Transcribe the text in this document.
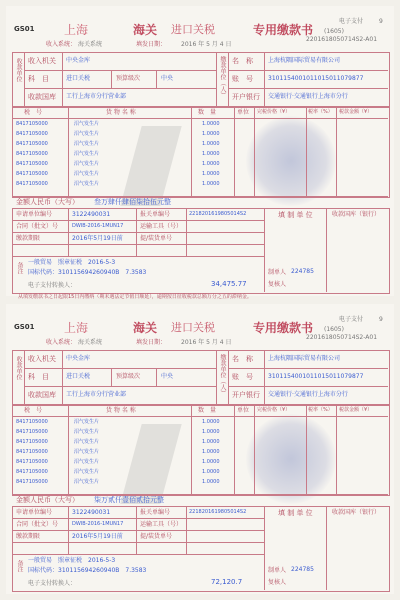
GS01 上海	海关 进口关税	专用缴款书
电子支付	9
(1605)
2201618050714S2-A01
收入系统： 海关系统	填发日期： 2016 年 5 月 4 日
收款单位	缴款单位（人）
收入机关 中央金库
科　目	进口关税	预算级次	中央
收款国库 工行上海市分行营业部
名　称	上海杭隅国际贸易有限公司
账　号	3101154001011015011079877
开户银行 交通银行·交通银行上海市分行
税　号	货 物 名 称	数　量	单位 完税价格（¥）	税率（%） 税款金额（¥）
8417105000	沼气发生片	1.0000
8417105000	沼气发生片	1.0000
8417105000	沼气发生片	1.0000
8417105000	沼气发生片	1.0000
8417105000	沼气发生片	1.0000
8417105000	沼气发生片	1.0000
8417105000	沼气发生片	1.0000
金额人民币（大写） 叁万肆仟肆佰柒拾伍元整
申请单位编号	3122490031	报关单编号	2218201619805014S2
合同（批文）号	DWIB-2016-1MUN17	运输工具（号）
缴款期限	2016年5月19日前	提/装货单号
备注 一般贸易　照章征税　2016-5-3
国标代码：310115694260940B　7.3583
电子支付转换人：	34,475.77
填 制 单 位	收款国库（银行）
制单人 224785
复核人
GS01 上海	海关 进口关税	专用缴款书
电子支付	9
(1605)
2201618050714S2-A01
收入系统： 海关系统	填发日期： 2016 年 5 月 4 日
收款单位	缴款单位（人）
收入机关 中央金库
科　目	进口关税	预算级次	中央
收款国库 工行上海市分行营业部
名　称	上海杭隅国际贸易有限公司
账　号	3101154001011015011079877
开户银行 交通银行·交通银行上海市分行
税　号	货 物 名 称	数　量	单位 完税价格（¥）	税率（%） 税款金额（¥）
8417105000	沼气发生片	1.0000
8417105000	沼气发生片	1.0000
8417105000	沼气发生片	1.0000
8417105000	沼气发生片	1.0000
8417105000	沼气发生片	1.0000
8417105000	沼气发生片	1.0000
8417105000	沼气发生片	1.0000
金额人民币（大写） 柒万贰仟壹佰贰拾元整
申请单位编号	3122490031	报关单编号	2218201619805014S2
合同（批文）号	DWIB-2016-1MUN17	运输工具（号）
缴款期限	2016年5月19日前	提/装货单号
备注 一般贸易　照章征税　2016-5-3
国标代码：310115694260940B　7.3583
电子支付转换人：	72,120.7
填 制 单 位	收款国库（银行）
制单人 224785
复核人
从填发缴款书之日起限15日内缴纳（期末遇法定节假日顺延），逾期按日征收税款总额万分之五的滞纳金。
